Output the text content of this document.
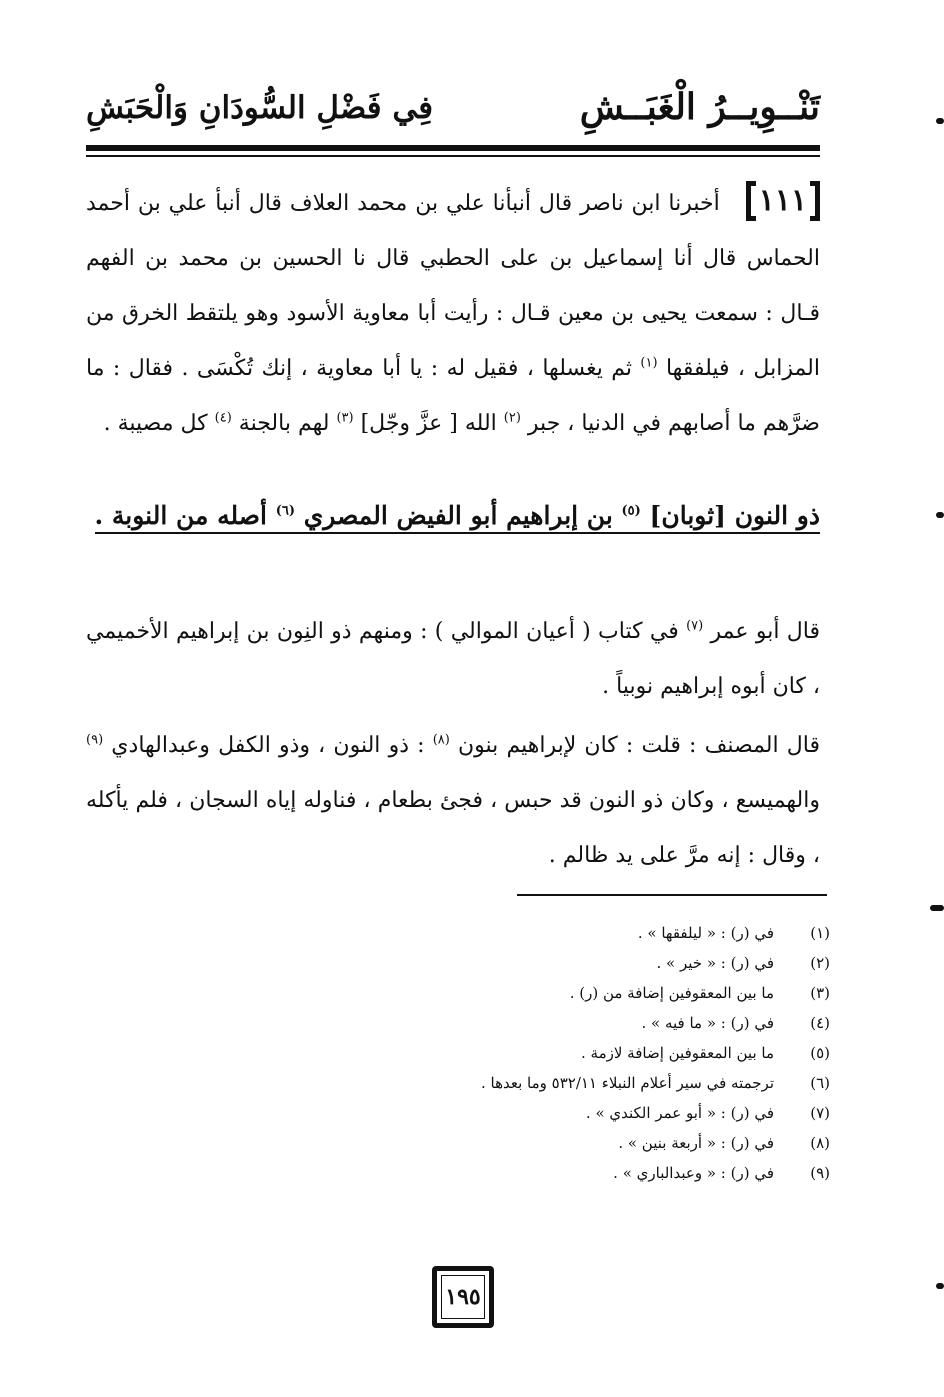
تَنْــوِيــرُ الْغَبَــشِ
فِي فَضْلِ السُّودَانِ وَالْحَبَشِ
١١١ أخبرنا ابن ناصر قال أنبأنا علي بن محمد العلاف قال أنبأ علي بن أحمد الحماس قال أنا إسماعيل بن على الحطبي قال نا الحسين بن محمد بن الفهم قـال : سمعت يحيى بن معين قـال : رأيت أبا معاوية الأسود وهو يلتقط الخرق من المزابل ، فيلفقها $^{(١)}$ ثم يغسلها ، فقيل له : يا أبا معاوية ، إنك تُكْسَى . فقال : ما ضرَّهم ما أصابهم في الدنيا ، جبر $^{(٢)}$ الله [ عزَّ وجّل] $^{(٣)}$ لهم بالجنة $^{(٤)}$ كل مصيبة .
ذو النون [ثوبان] $^{(٥)}$ بن إبراهيم أبو الفيض المصري $^{(٦)}$ أصله من النوبة .
قال أبو عمر $^{(٧)}$ في كتاب ( أعيان الموالي ) : ومنهم ذو النِون بن إبراهيم الأخميمي ، كان أبوه إبراهيم نوبياً .
قال المصنف : قلت : كان لإبراهيم بنون $^{(٨)}$ : ذو النون ، وذو الكفل وعبدالهادي $^{(٩)}$ والهميسع ، وكان ذو النون قد حبس ، فجئ بطعام ، فناوله إياه السجان ، فلم يأكله ، وقال : إنه مرَّ على يد ظالم .
(١)
في (ر) : « ليلفقها » .
(٢)
في (ر) : « خير » .
(٣)
ما بين المعقوفين إضافة من (ر) .
(٤)
في (ر) : « ما فيه » .
(٥)
ما بين المعقوفين إضافة لازمة .
(٦)
ترجمته في سير أعلام النبلاء ٥٣٢/١١ وما بعدها .
(٧)
في (ر) : « أبو عمر الكندي » .
(٨)
في (ر) : « أربعة بنين » .
(٩)
في (ر) : « وعبدالباري » .
١٩٥
